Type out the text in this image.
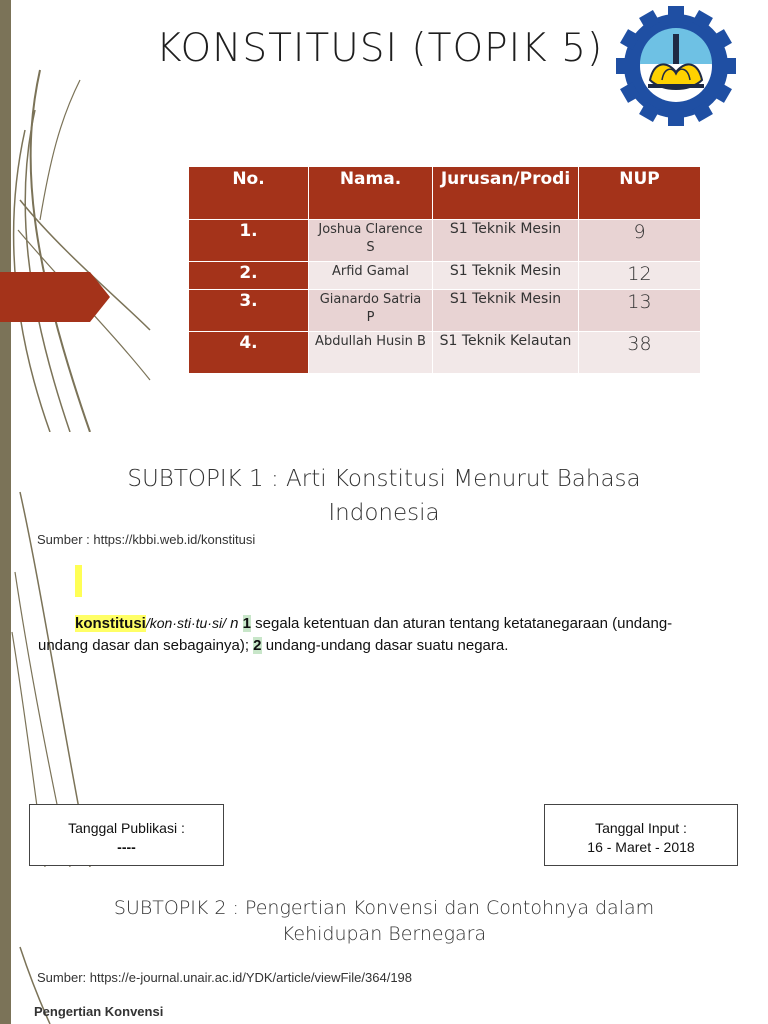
KONSTITUSI (TOPIK 5)
No.	Nama.	Jurusan/Prodi	NUP
1.	Joshua Clarence S	S1 Teknik Mesin	9
2.	Arfid Gamal	S1 Teknik Mesin	12
3.	Gianardo Satria P	S1 Teknik Mesin	13
4.	Abdullah Husin B	S1 Teknik Kelautan	38
SUBTOPIK 1 : Arti Konstitusi Menurut Bahasa
Indonesia
Sumber : https://kbbi.web.id/konstitusi
konstitusi/kon·sti·tu·si/ n 1 segala ketentuan dan aturan tentang ketatanegaraan (undang-undang dasar dan sebagainya); 2 undang-undang dasar suatu negara.
Tanggal Publikasi :
----
Tanggal Input :
16 - Maret - 2018
SUBTOPIK 2 : Pengertian Konvensi dan Contohnya dalam
Kehidupan Bernegara
Sumber: https://e-journal.unair.ac.id/YDK/article/viewFile/364/198
Pengertian Konvensi
